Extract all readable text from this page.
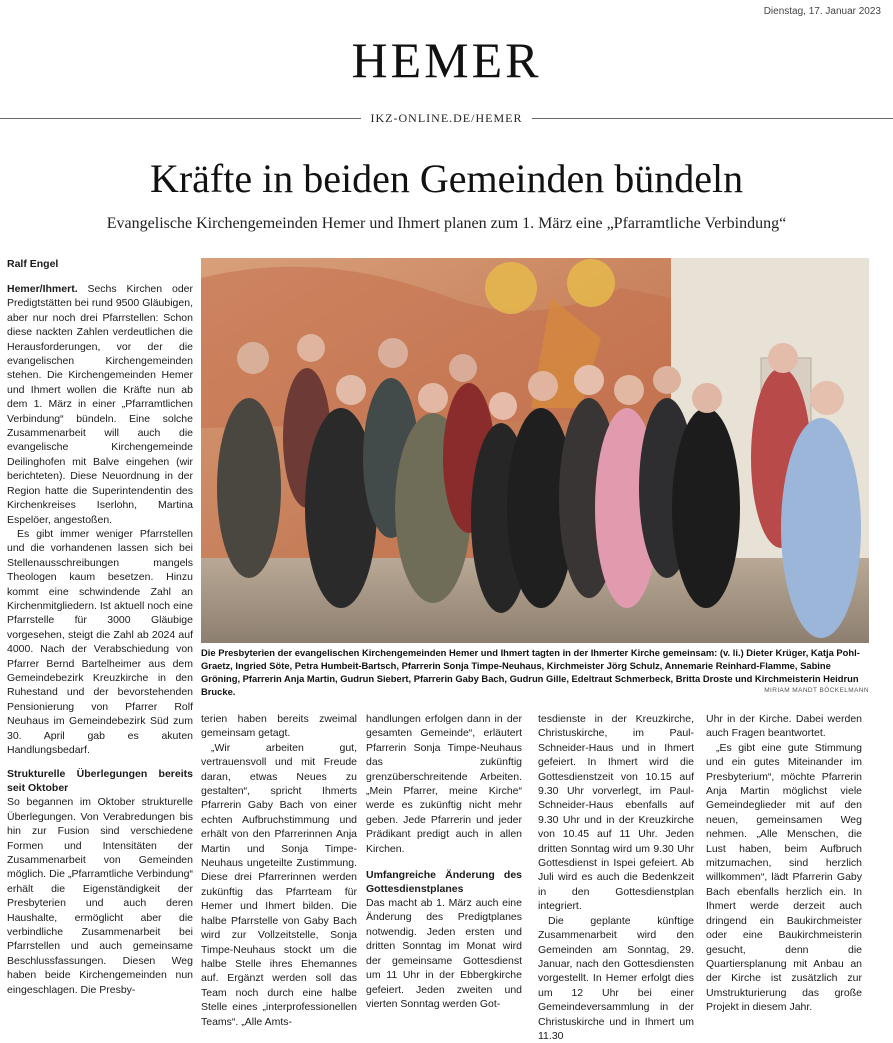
Dienstag, 17. Januar 2023
HEMER
IKZ-ONLINE.DE/HEMER
Kräfte in beiden Gemeinden bündeln
Evangelische Kirchengemeinden Hemer und Ihmert planen zum 1. März eine „Pfarramtliche Verbindung“
Ralf Engel

Hemer/Ihmert. Sechs Kirchen oder Predigtstätten bei rund 9500 Gläubigen, aber nur noch drei Pfarrstellen: Schon diese nackten Zahlen verdeutlichen die Herausforderungen, vor der die evangelischen Kirchengemeinden stehen. Die Kirchengemeinden Hemer und Ihmert wollen die Kräfte nun ab dem 1. März in einer „Pfarramtlichen Verbindung“ bündeln. Eine solche Zusammenarbeit will auch die evangelische Kirchengemeinde Deilinghofen mit Balve eingehen (wir berichteten). Diese Neuordnung in der Region hatte die Superintendentin des Kirchenkreises Iserlohn, Martina Espelöer, angestoßen.

Es gibt immer weniger Pfarrstellen und die vorhandenen lassen sich bei Stellenausschreibungen mangels Theologen kaum besetzen. Hinzu kommt eine schwindende Zahl an Kirchenmitgliedern. Ist aktuell noch eine Pfarrstelle für 3000 Gläubige vorgesehen, steigt die Zahl ab 2024 auf 4000. Nach der Verabschiedung von Pfarrer Bernd Bartelheimer aus dem Gemeindebezirk Kreuzkirche in den Ruhestand und der bevorstehenden Pensionierung von Pfarrer Rolf Neuhaus im Gemeindebezirk Süd zum 30. April gab es akuten Handlungsbedarf.

Strukturelle Überlegungen bereits seit Oktober

So begannen im Oktober strukturelle Überlegungen. Von Verabredungen bis hin zur Fusion sind verschiedene Formen und Intensitäten der Zusammenarbeit von Gemeinden möglich. Die „Pfarramtliche Verbindung“ erhält die Eigenständigkeit der Presbyterien und auch deren Haushalte, ermöglicht aber die verbindliche Zusammenarbeit bei Pfarrstellen und auch gemeinsame Beschlussfassungen. Diesen Weg haben beide Kirchengemeinden nun eingeschlagen. Die Presby-

Die Presbyterien der evangelischen Kirchengemeinden Hemer und Ihmert tagten in der Ihmerter Kirche gemeinsam: (v. li.) Dieter Krüger, Katja Pohl-Graetz, Ingried Söte, Petra Humbeit-Bartsch, Pfarrerin Sonja Timpe-Neuhaus, Kirchmeister Jörg Schulz, Annemarie Reinhard-Flamme, Sabine Gröning, Pfarrerin Anja Martin, Gudrun Siebert, Pfarrerin Gaby Bach, Gudrun Gille, Edeltraut Schmerbeck, Britta Droste und Kirchmeisterin Heidrun Brucke.	MIRIAM MANDT BÖCKELMANN

terien haben bereits zweimal gemeinsam getagt.

„Wir arbeiten gut, vertrauensvoll und mit Freude daran, etwas Neues zu gestalten“, spricht Ihmerts Pfarrerin Gaby Bach von einer echten Aufbruchstimmung und erhält von den Pfarrerinnen Anja Martin und Sonja Timpe-Neuhaus ungeteilte Zustimmung. Diese drei Pfarrerinnen werden zukünftig das Pfarrteam für Hemer und Ihmert bilden. Die halbe Pfarrstelle von Gaby Bach wird zur Vollzeitstelle, Sonja Timpe-Neuhaus stockt um die halbe Stelle ihres Ehemannes auf. Ergänzt werden soll das Team noch durch eine halbe Stelle eines „interprofessionellen Teams“. „Alle Amts-

handlungen erfolgen dann in der gesamten Gemeinde“, erläutert Pfarrerin Sonja Timpe-Neuhaus das zukünftig grenzüberschreitende Arbeiten. „Mein Pfarrer, meine Kirche“ werde es zukünftig nicht mehr geben. Jede Pfarrerin und jeder Prädikant predigt auch in allen Kirchen.

Umfangreiche Änderung des Gottesdienstplanes

Das macht ab 1. März auch eine Änderung des Predigtplanes notwendig. Jeden ersten und dritten Sonntag im Monat wird der gemeinsame Gottesdienst um 11 Uhr in der Ebbergkirche gefeiert. Jeden zweiten und vierten Sonntag werden Got-

tesdienste in der Kreuzkirche, Christuskirche, im Paul-Schneider-Haus und in Ihmert gefeiert. In Ihmert wird die Gottesdienstzeit von 10.15 auf 9.30 Uhr vorverlegt, im Paul-Schneider-Haus ebenfalls auf 9.30 Uhr und in der Kreuzkirche von 10.45 auf 11 Uhr. Jeden dritten Sonntag wird um 9.30 Uhr Gottesdienst in Ispei gefeiert. Ab Juli wird es auch die Bedenkzeit in den Gottesdienstplan integriert.

Die geplante künftige Zusammenarbeit wird den Gemeinden am Sonntag, 29. Januar, nach den Gottesdiensten vorgestellt. In Hemer erfolgt dies um 12 Uhr bei einer Gemeindeversammlung in der Christuskirche und in Ihmert um 11.30

Uhr in der Kirche. Dabei werden auch Fragen beantwortet.

„Es gibt eine gute Stimmung und ein gutes Miteinander im Presbyterium“, möchte Pfarrerin Anja Martin möglichst viele Gemeindeglieder mit auf den neuen, gemeinsamen Weg nehmen. „Alle Menschen, die Lust haben, beim Aufbruch mitzumachen, sind herzlich willkommen“, lädt Pfarrerin Gaby Bach ebenfalls herzlich ein. In Ihmert werde derzeit auch dringend ein Baukirchmeister oder eine Baukirchmeisterin gesucht, denn die Quartiersplanung mit Anbau an der Kirche ist zusätzlich zur Umstrukturierung das große Projekt in diesem Jahr.
